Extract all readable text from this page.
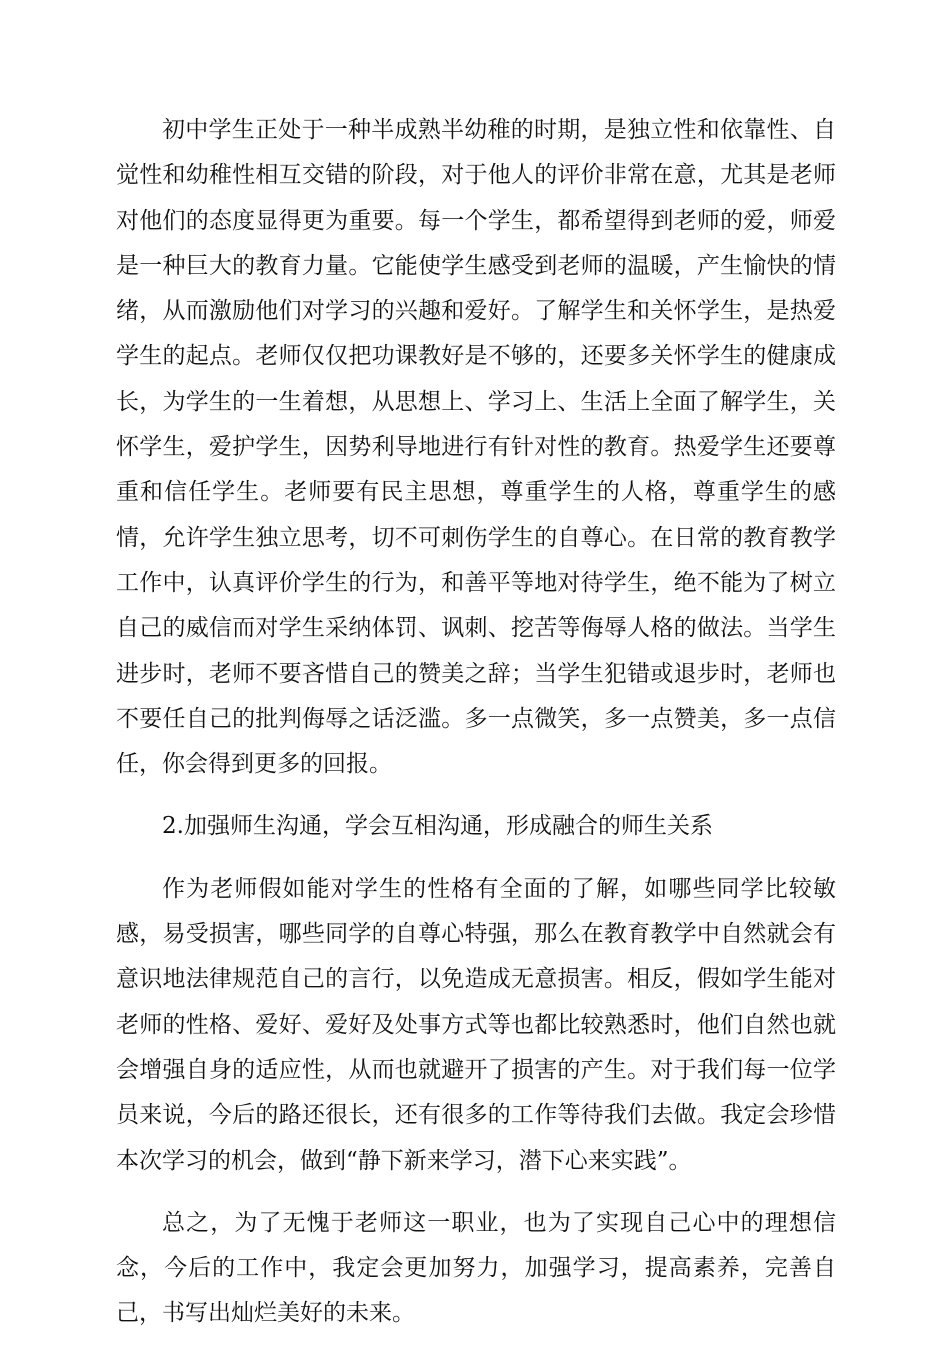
初中学生正处于一种半成熟半幼稚的时期，是独立性和依靠性、自觉性和幼稚性相互交错的阶段，对于他人的评价非常在意，尤其是老师对他们的态度显得更为重要。每一个学生，都希望得到老师的爱，师爱是一种巨大的教育力量。它能使学生感受到老师的温暖，产生愉快的情绪，从而激励他们对学习的兴趣和爱好。了解学生和关怀学生，是热爱学生的起点。老师仅仅把功课教好是不够的，还要多关怀学生的健康成长，为学生的一生着想，从思想上、学习上、生活上全面了解学生，关怀学生，爱护学生，因势利导地进行有针对性的教育。热爱学生还要尊重和信任学生。老师要有民主思想，尊重学生的人格，尊重学生的感情，允许学生独立思考，切不可刺伤学生的自尊心。在日常的教育教学工作中，认真评价学生的行为，和善平等地对待学生，绝不能为了树立自己的威信而对学生采纳体罚、讽刺、挖苦等侮辱人格的做法。当学生进步时，老师不要吝惜自己的赞美之辞；当学生犯错或退步时，老师也不要任自己的批判侮辱之话泛滥。多一点微笑，多一点赞美，多一点信任，你会得到更多的回报。

2.加强师生沟通，学会互相沟通，形成融合的师生关系

作为老师假如能对学生的性格有全面的了解，如哪些同学比较敏感，易受损害，哪些同学的自尊心特强，那么在教育教学中自然就会有意识地法律规范自己的言行，以免造成无意损害。相反，假如学生能对老师的性格、爱好、爱好及处事方式等也都比较熟悉时，他们自然也就会增强自身的适应性，从而也就避开了损害的产生。对于我们每一位学员来说，今后的路还很长，还有很多的工作等待我们去做。我定会珍惜本次学习的机会，做到“静下新来学习，潜下心来实践”。

总之，为了无愧于老师这一职业，也为了实现自己心中的理想信念，今后的工作中，我定会更加努力，加强学习，提高素养，完善自己，书写出灿烂美好的未来。
